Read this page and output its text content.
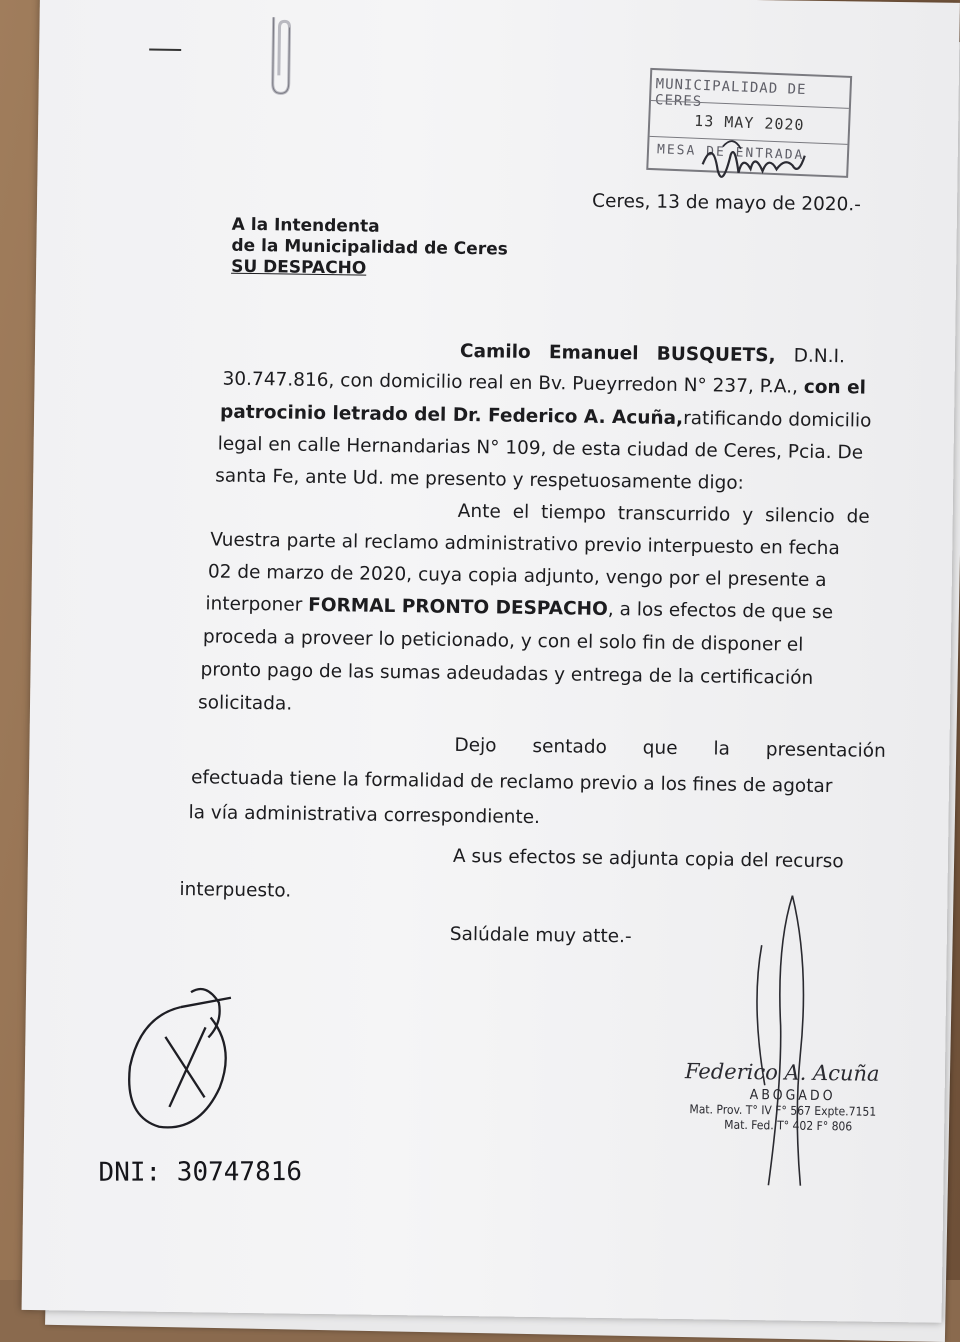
MUNICIPALIDAD DE CERES
13 MAY 2020
MESA DE ENTRADA
Ceres, 13 de mayo de 2020.-
A la Intendenta
de la Municipalidad de Ceres
SU DESPACHO
Camilo Emanuel BUSQUETS, D.N.I.
30.747.816, con domicilio real en Bv. Pueyrredon N° 237, P.A., con el
patrocinio letrado del Dr. Federico A. Acuña, ratificando domicilio
legal en calle Hernandarias N° 109, de esta ciudad de Ceres, Pcia. De
santa Fe, ante Ud. me presento y respetuosamente digo:
Ante el tiempo transcurrido y silencio de
Vuestra parte al reclamo administrativo previo interpuesto en fecha
02 de marzo de 2020, cuya copia adjunto, vengo por el presente a
interponer FORMAL PRONTO DESPACHO, a los efectos de que se
proceda a proveer lo peticionado, y con el solo fin de disponer el
pronto pago de las sumas adeudadas y entrega de la certificación
solicitada.
Dejo sentado que la presentación
efectuada tiene la formalidad de reclamo previo a los fines de agotar
la vía administrativa correspondiente.
A sus efectos se adjunta copia del recurso
interpuesto.
Salúdale muy atte.-
DNI: 30747816
Federico A. Acuña
ABOGADO
Mat. Prov. T° IV F° 567 Expte.7151
Mat. Fed. T° 402 F° 806
